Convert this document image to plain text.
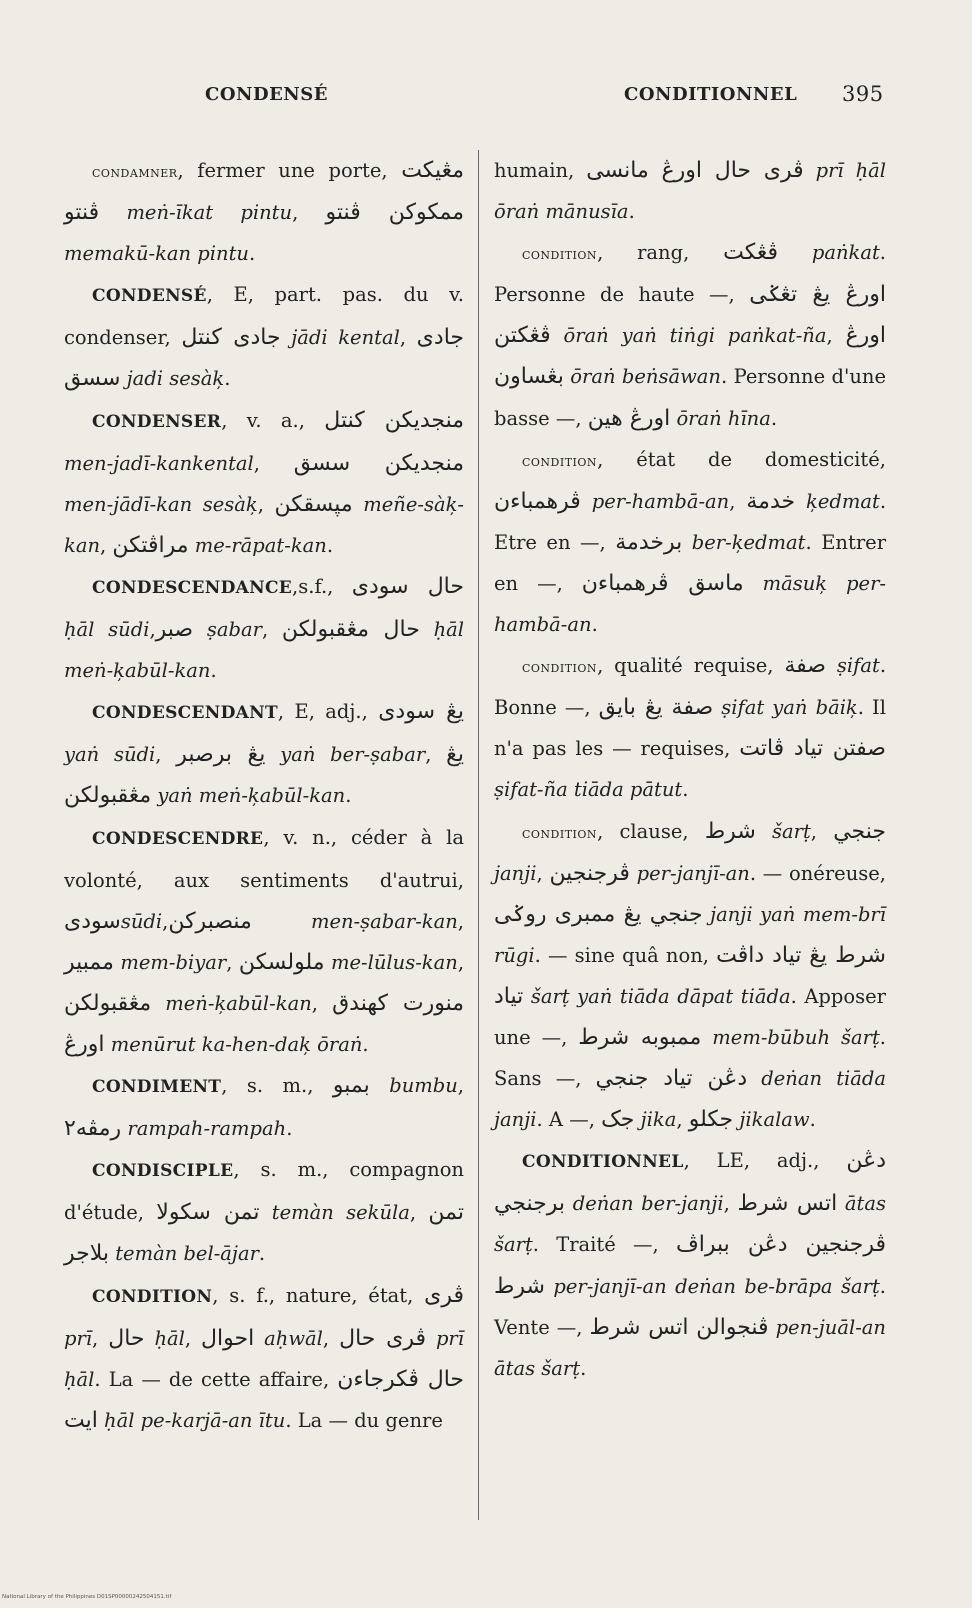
CONDENSÉ	CONDITIONNEL 395

condamner, fermer une porte, مڠيکت ڤنتو meṅ-īkat pintu, ممکوکن ڤنتو memakū-kan pintu.

CONDENSÉ, E, part. pas. du v. condenser, جادى کنتل jādi kental, جادى سسق jadi sesàķ.

CONDENSER, v. a., منجديکن کنتل men-jadī-kankental, منجديکن سسق men-jādī-kan sesàķ, مڽسقکن meñe-sàķ-kan, مراڤتکن me-rāpat-kan.

CONDESCENDANCE,s.f., حال سودى ḥāl sūdi,صبر ṣabar, حال مڠقبولکن ḥāl meṅ-ķabūl-kan.

CONDESCENDANT, E, adj., يڠ سودى yaṅ sūdi, يڠ برصبر yaṅ ber-ṣabar, يڠ مڠقبولکن yaṅ meṅ-ķabūl-kan.

CONDESCENDRE, v. n., céder à la volonté, aux sentiments d'autrui, سودىsūdi,منصبرکن	men-ṣabar-kan, ممبير mem-biyar, ملولسکن me-lūlus-kan, مڠقبولکن meṅ-ķabūl-kan, منورت کهندق اورڠ menūrut ka-hen-daķ ōraṅ.

CONDIMENT, s. m., بمبو bumbu, رمڤه٢ rampah-rampah.

CONDISCIPLE, s. m., compagnon d'étude, تمن سکولا temàn sekūla, تمن بلاجر temàn bel-ājar.

CONDITION, s. f., nature, état, ڤرى prī, حال ḥāl, احوال aḥwāl, ڤرى حال prī ḥāl. La — de cette affaire, حال ڤکرجاءن ايت ḥāl pe-karjā-an ītu. La — du genre

humain, ڤرى حال اورڠ مانسى prī ḥāl ōraṅ mānusīa.

condition, rang, ڤڠکت paṅkat. Personne de haute —, اورڠ يڠ تڠݢى ڤڠکتن ōraṅ yaṅ tiṅgi paṅkat-ña, اورڠ بڠساون ōraṅ beṅsāwan. Personne d'une basse —, اورڠ هين ōraṅ hīna.

condition, état de domesticité, ڤرهمباءن per-hambā-an, خدمة ķedmat. Etre en —, برخدمة ber-ķedmat. Entrer en —, ماسق ڤرهمباءن māsuķ per-hambā-an.

condition, qualité requise, صفة ṣifat. Bonne —, صفة يڠ بايق ṣifat yaṅ bāiķ. Il n'a pas les — requises, صفتن تياد ڤاتت ṣifat-ña tiāda pātut.

condition, clause, شرط šarṭ, جنجي janji, ڤرجنجين per-janjī-an. — onéreuse, جنجي يڠ ممبرى روݢى janji yaṅ mem-brī rūgi. — sine quâ non, شرط يڠ تياد داڤت تياد šarṭ yaṅ tiāda dāpat tiāda. Apposer une —, ممبوبه شرط mem-būbuh šarṭ. Sans —, دڠن تياد جنجي deṅan tiāda janji. A —, جک jika, جکلو jikalaw.

CONDITIONNEL, LE, adj., دڠن برجنجي deṅan ber-janji, اتس شرط ātas šarṭ. Traité —, ڤرجنجين دڠن ببراڤ شرط per-janjī-an deṅan be-brāpa šarṭ. Vente —, ڤنجوالن اتس شرط pen-juāl-an ātas šarṭ.

National Library of the Philippines D01SP00000242504151.tif
